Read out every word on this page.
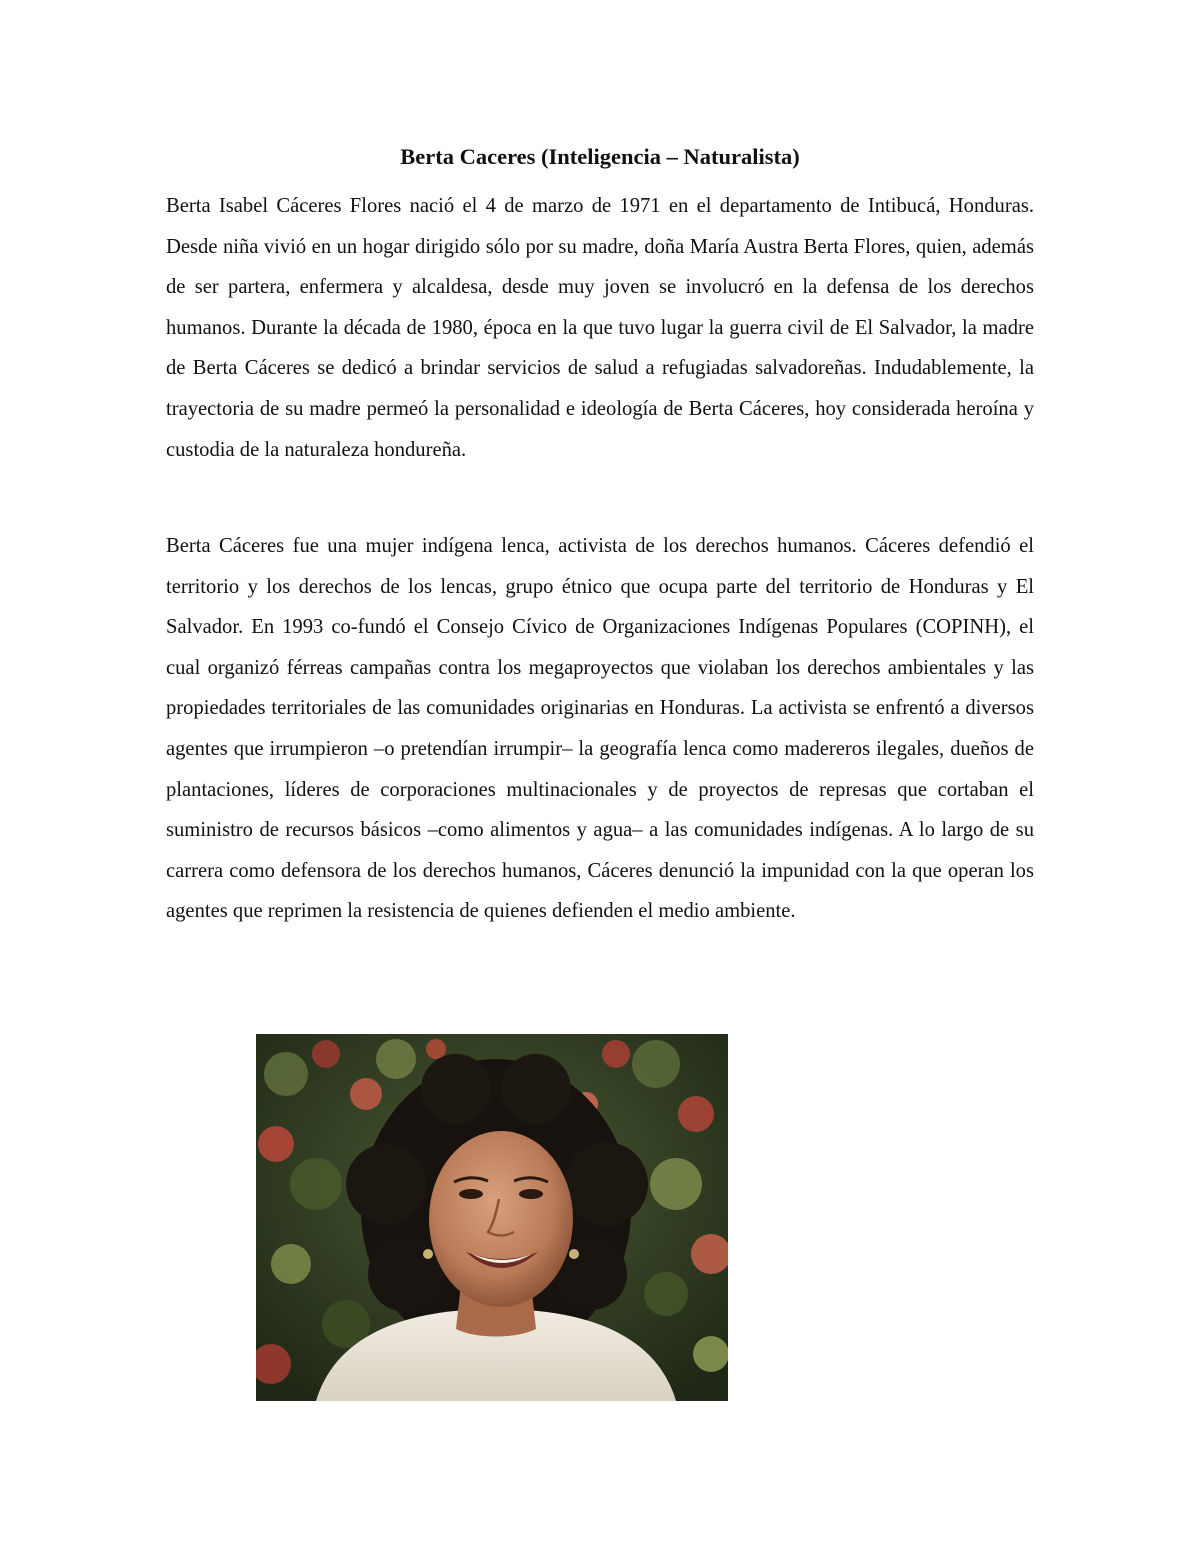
Berta Caceres (Inteligencia – Naturalista)

Berta Isabel Cáceres Flores nació el 4 de marzo de 1971 en el departamento de Intibucá, Honduras. Desde niña vivió en un hogar dirigido sólo por su madre, doña María Austra Berta Flores, quien, además de ser partera, enfermera y alcaldesa, desde muy joven se involucró en la defensa de los derechos humanos. Durante la década de 1980, época en la que tuvo lugar la guerra civil de El Salvador, la madre de Berta Cáceres se dedicó a brindar servicios de salud a refugiadas salvadoreñas. Indudablemente, la trayectoria de su madre permeó la personalidad e ideología de Berta Cáceres, hoy considerada heroína y custodia de la naturaleza hondureña.

Berta Cáceres fue una mujer indígena lenca, activista de los derechos humanos. Cáceres defendió el territorio y los derechos de los lencas, grupo étnico que ocupa parte del territorio de Honduras y El Salvador. En 1993 co-fundó el Consejo Cívico de Organizaciones Indígenas Populares (COPINH), el cual organizó férreas campañas contra los megaproyectos que violaban los derechos ambientales y las propiedades territoriales de las comunidades originarias en Honduras. La activista se enfrentó a diversos agentes que irrumpieron –o pretendían irrumpir– la geografía lenca como madereros ilegales, dueños de plantaciones, líderes de corporaciones multinacionales y de proyectos de represas que cortaban el suministro de recursos básicos –como alimentos y agua– a las comunidades indígenas. A lo largo de su carrera como defensora de los derechos humanos, Cáceres denunció la impunidad con la que operan los agentes que reprimen la resistencia de quienes defienden el medio ambiente.
